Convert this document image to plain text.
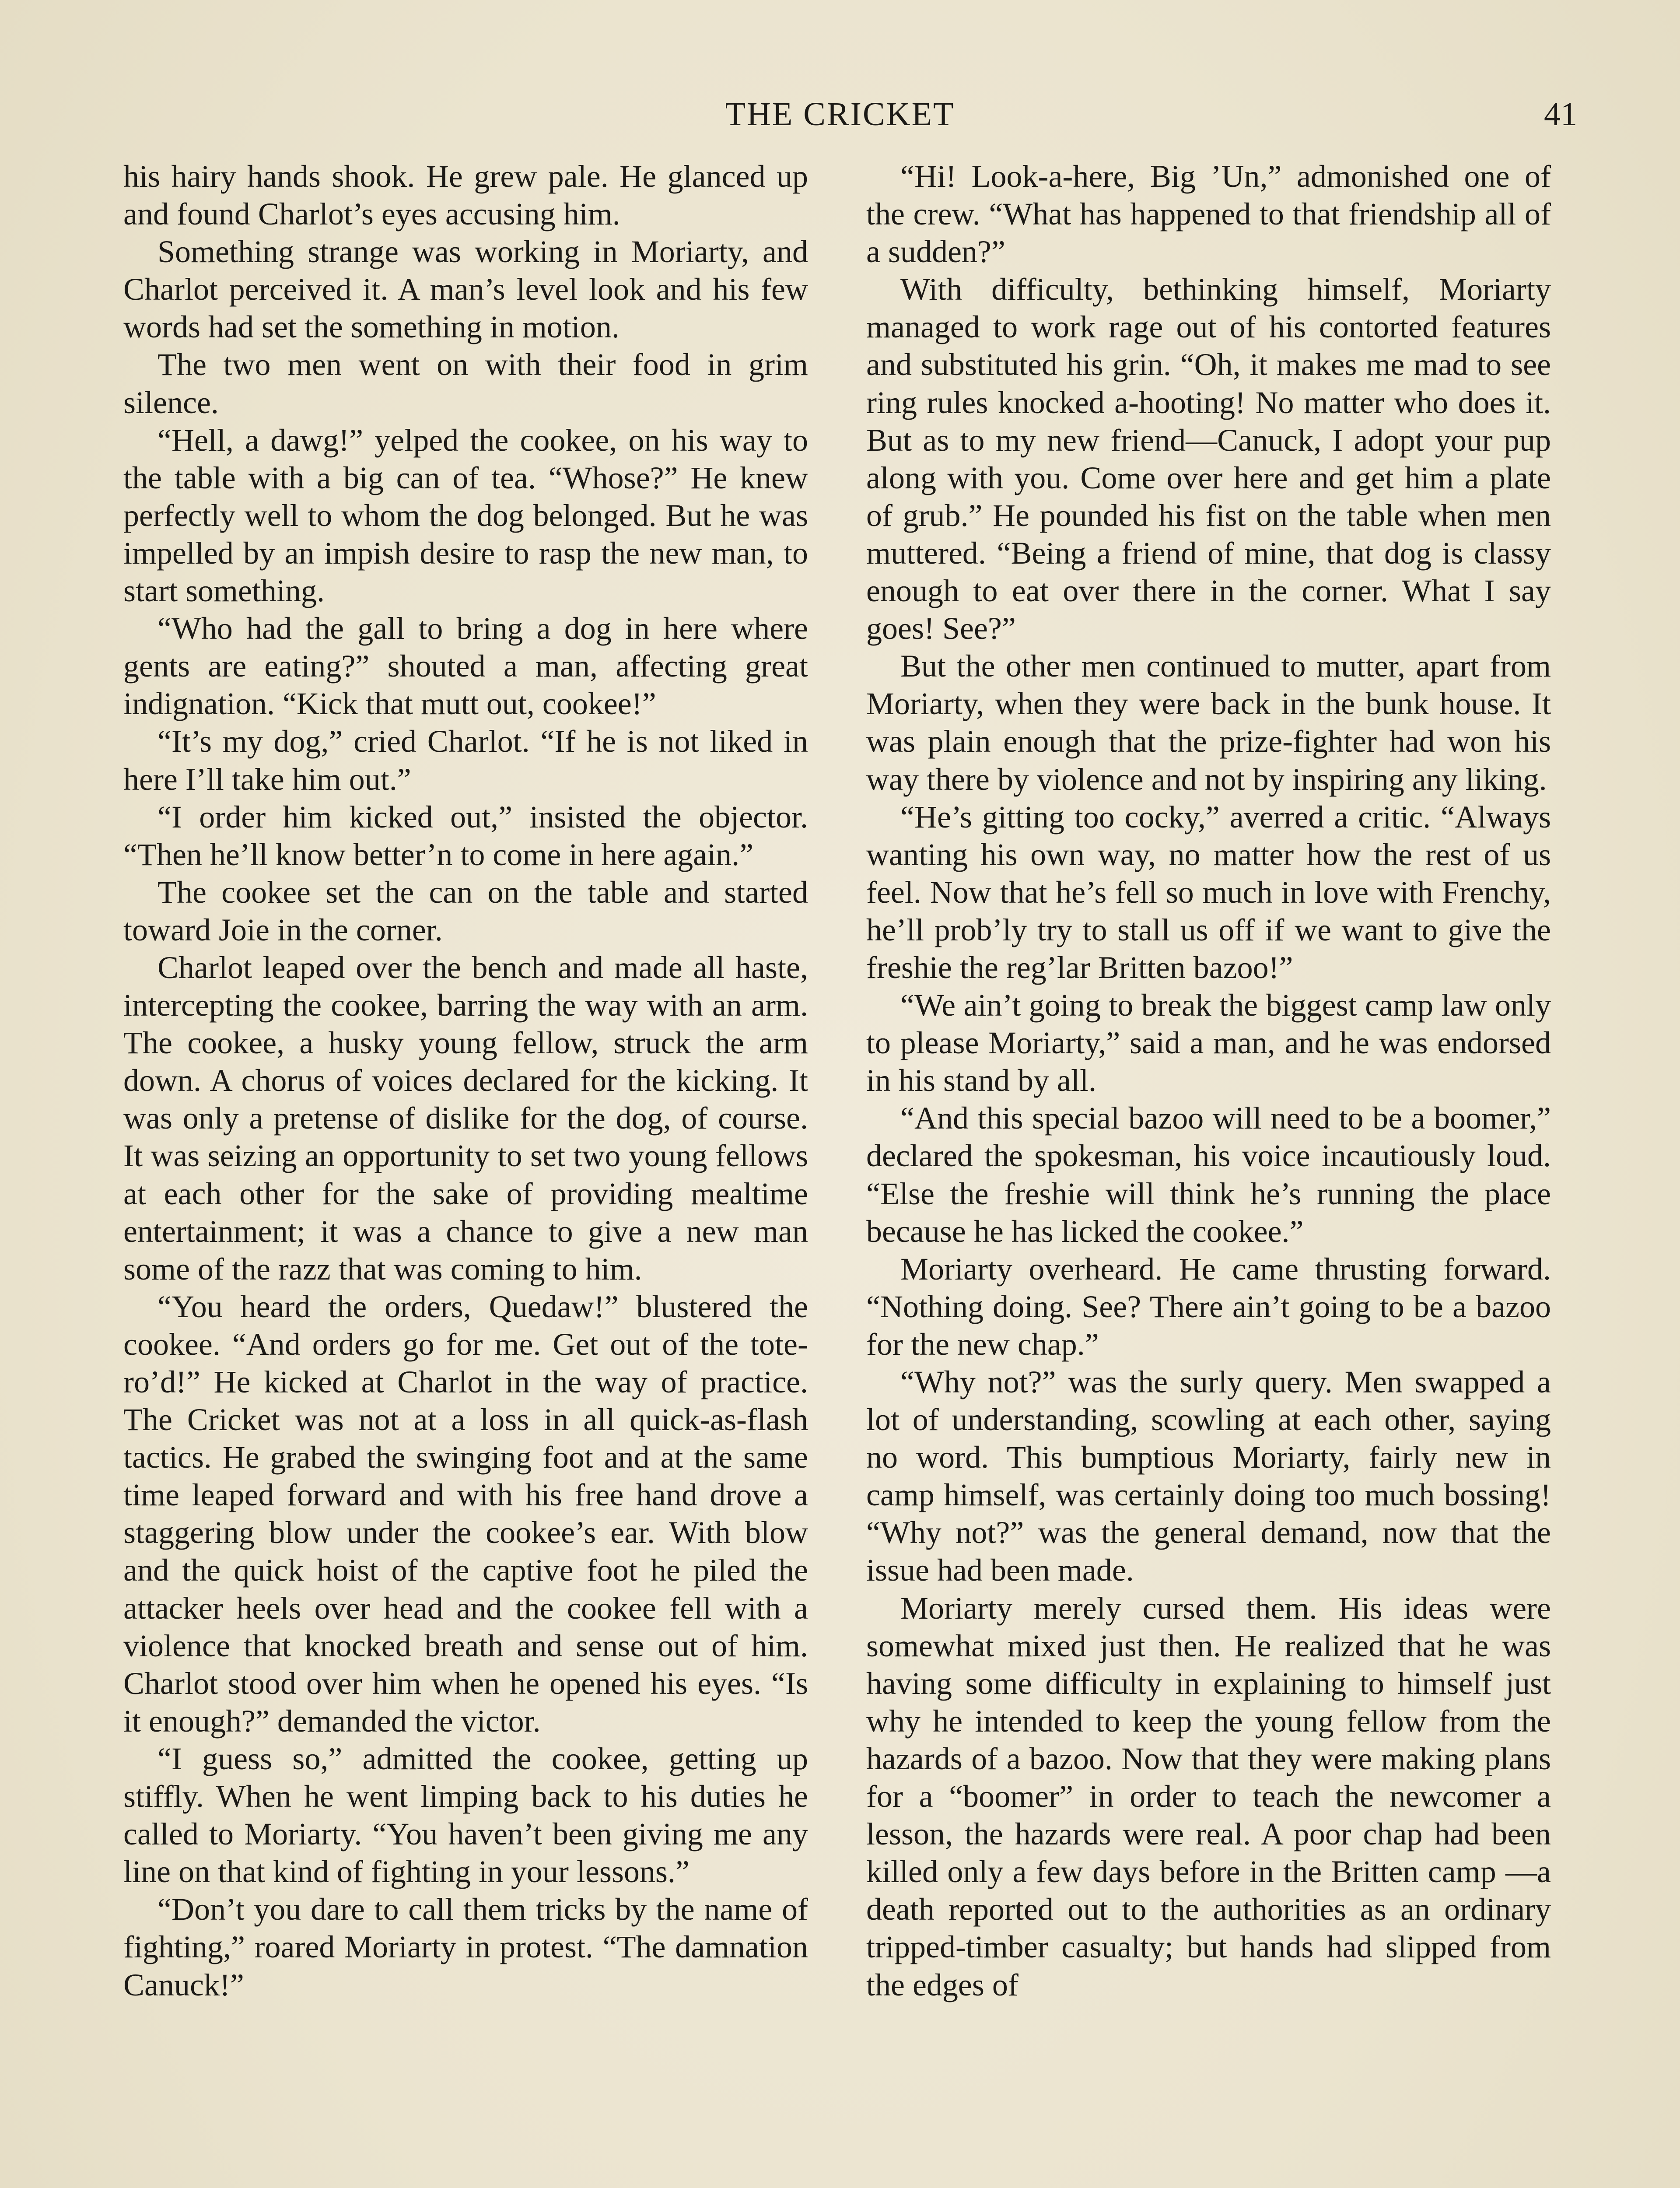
THE CRICKET	41

his hairy hands shook. He grew pale. He glanced up and found Charlot’s eyes accusing him.

Something strange was working in Moriarty, and Charlot perceived it. A man’s level look and his few words had set the something in motion.

The two men went on with their food in grim silence.

“Hell, a dawg!” yelped the cookee, on his way to the table with a big can of tea. “Whose?” He knew perfectly well to whom the dog belonged. But he was impelled by an impish desire to rasp the new man, to start something.

“Who had the gall to bring a dog in here where gents are eating?” shouted a man, affecting great indignation. “Kick that mutt out, cookee!”

“It’s my dog,” cried Charlot. “If he is not liked in here I’ll take him out.”

“I order him kicked out,” insisted the objector. “Then he’ll know better’n to come in here again.”

The cookee set the can on the table and started toward Joie in the corner.

Charlot leaped over the bench and made all haste, intercepting the cookee, barring the way with an arm. The cookee, a husky young fellow, struck the arm down. A chorus of voices declared for the kicking. It was only a pretense of dislike for the dog, of course. It was seizing an opportunity to set two young fellows at each other for the sake of providing mealtime entertainment; it was a chance to give a new man some of the razz that was coming to him.

“You heard the orders, Quedaw!” blustered the cookee. “And orders go for me. Get out of the tote-ro’d!” He kicked at Charlot in the way of practice. The Cricket was not at a loss in all quick-as-flash tactics. He grabed the swinging foot and at the same time leaped forward and with his free hand drove a staggering blow under the cookee’s ear. With blow and the quick hoist of the captive foot he piled the attacker heels over head and the cookee fell with a violence that knocked breath and sense out of him. Charlot stood over him when he opened his eyes. “Is it enough?” demanded the victor.

“I guess so,” admitted the cookee, getting up stiffly. When he went limping back to his duties he called to Moriarty. “You haven’t been giving me any line on that kind of fighting in your lessons.”

“Don’t you dare to call them tricks by the name of fighting,” roared Moriarty in protest. “The damnation Canuck!”

“Hi! Look-a-here, Big ’Un,” admonished one of the crew. “What has happened to that friendship all of a sudden?”

With difficulty, bethinking himself, Moriarty managed to work rage out of his contorted features and substituted his grin. “Oh, it makes me mad to see ring rules knocked a-hooting! No matter who does it. But as to my new friend—Canuck, I adopt your pup along with you. Come over here and get him a plate of grub.” He pounded his fist on the table when men muttered. “Being a friend of mine, that dog is classy enough to eat over there in the corner. What I say goes! See?”

But the other men continued to mutter, apart from Moriarty, when they were back in the bunk house. It was plain enough that the prize-fighter had won his way there by violence and not by inspiring any liking.

“He’s gitting too cocky,” averred a critic. “Always wanting his own way, no matter how the rest of us feel. Now that he’s fell so much in love with Frenchy, he’ll prob’ly try to stall us off if we want to give the freshie the reg’lar Britten bazoo!”

“We ain’t going to break the biggest camp law only to please Moriarty,” said a man, and he was endorsed in his stand by all.

“And this special bazoo will need to be a boomer,” declared the spokesman, his voice incautiously loud. “Else the freshie will think he’s running the place because he has licked the cookee.”

Moriarty overheard. He came thrusting forward. “Nothing doing. See? There ain’t going to be a bazoo for the new chap.”

“Why not?” was the surly query. Men swapped a lot of understanding, scowling at each other, saying no word. This bumptious Moriarty, fairly new in camp himself, was certainly doing too much bossing! “Why not?” was the general demand, now that the issue had been made.

Moriarty merely cursed them. His ideas were somewhat mixed just then. He realized that he was having some difficulty in explaining to himself just why he intended to keep the young fellow from the hazards of a bazoo. Now that they were making plans for a “boomer” in order to teach the newcomer a lesson, the hazards were real. A poor chap had been killed only a few days before in the Britten camp —a death reported out to the authorities as an ordinary tripped-timber casualty; but hands had slipped from the edges of
